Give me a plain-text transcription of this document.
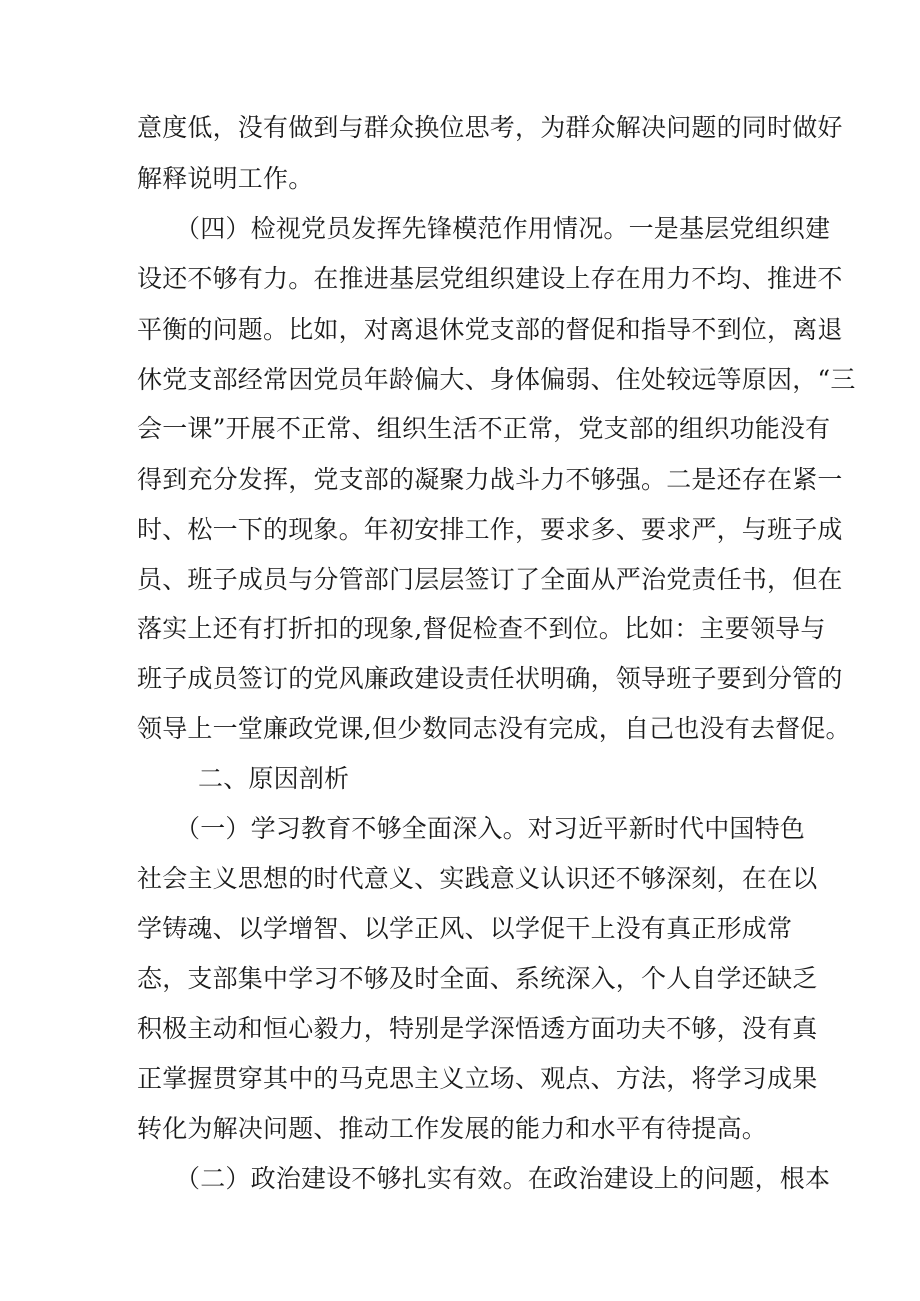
意度低，没有做到与群众换位思考，为群众解决问题的同时做好

解释说明工作。

（四）检视党员发挥先锋模范作用情况。一是基层党组织建

设还不够有力。在推进基层党组织建设上存在用力不均、推进不

平衡的问题。比如，对离退休党支部的督促和指导不到位，离退

休党支部经常因党员年龄偏大、身体偏弱、住处较远等原因，“三

会一课”开展不正常、组织生活不正常，党支部的组织功能没有

得到充分发挥，党支部的凝聚力战斗力不够强。二是还存在紧一

时、松一下的现象。年初安排工作，要求多、要求严，与班子成

员、班子成员与分管部门层层签订了全面从严治党责任书，但在

落实上还有打折扣的现象,督促检查不到位。比如：主要领导与

班子成员签订的党风廉政建设责任状明确，领导班子要到分管的

领导上一堂廉政党课,但少数同志没有完成，自己也没有去督促。

二、原因剖析

（一）学习教育不够全面深入。对习近平新时代中国特色

社会主义思想的时代意义、实践意义认识还不够深刻，在在以

学铸魂、以学增智、以学正风、以学促干上没有真正形成常

态，支部集中学习不够及时全面、系统深入，个人自学还缺乏

积极主动和恒心毅力，特别是学深悟透方面功夫不够，没有真

正掌握贯穿其中的马克思主义立场、观点、方法，将学习成果

转化为解决问题、推动工作发展的能力和水平有待提高。

（二）政治建设不够扎实有效。在政治建设上的问题，根本
